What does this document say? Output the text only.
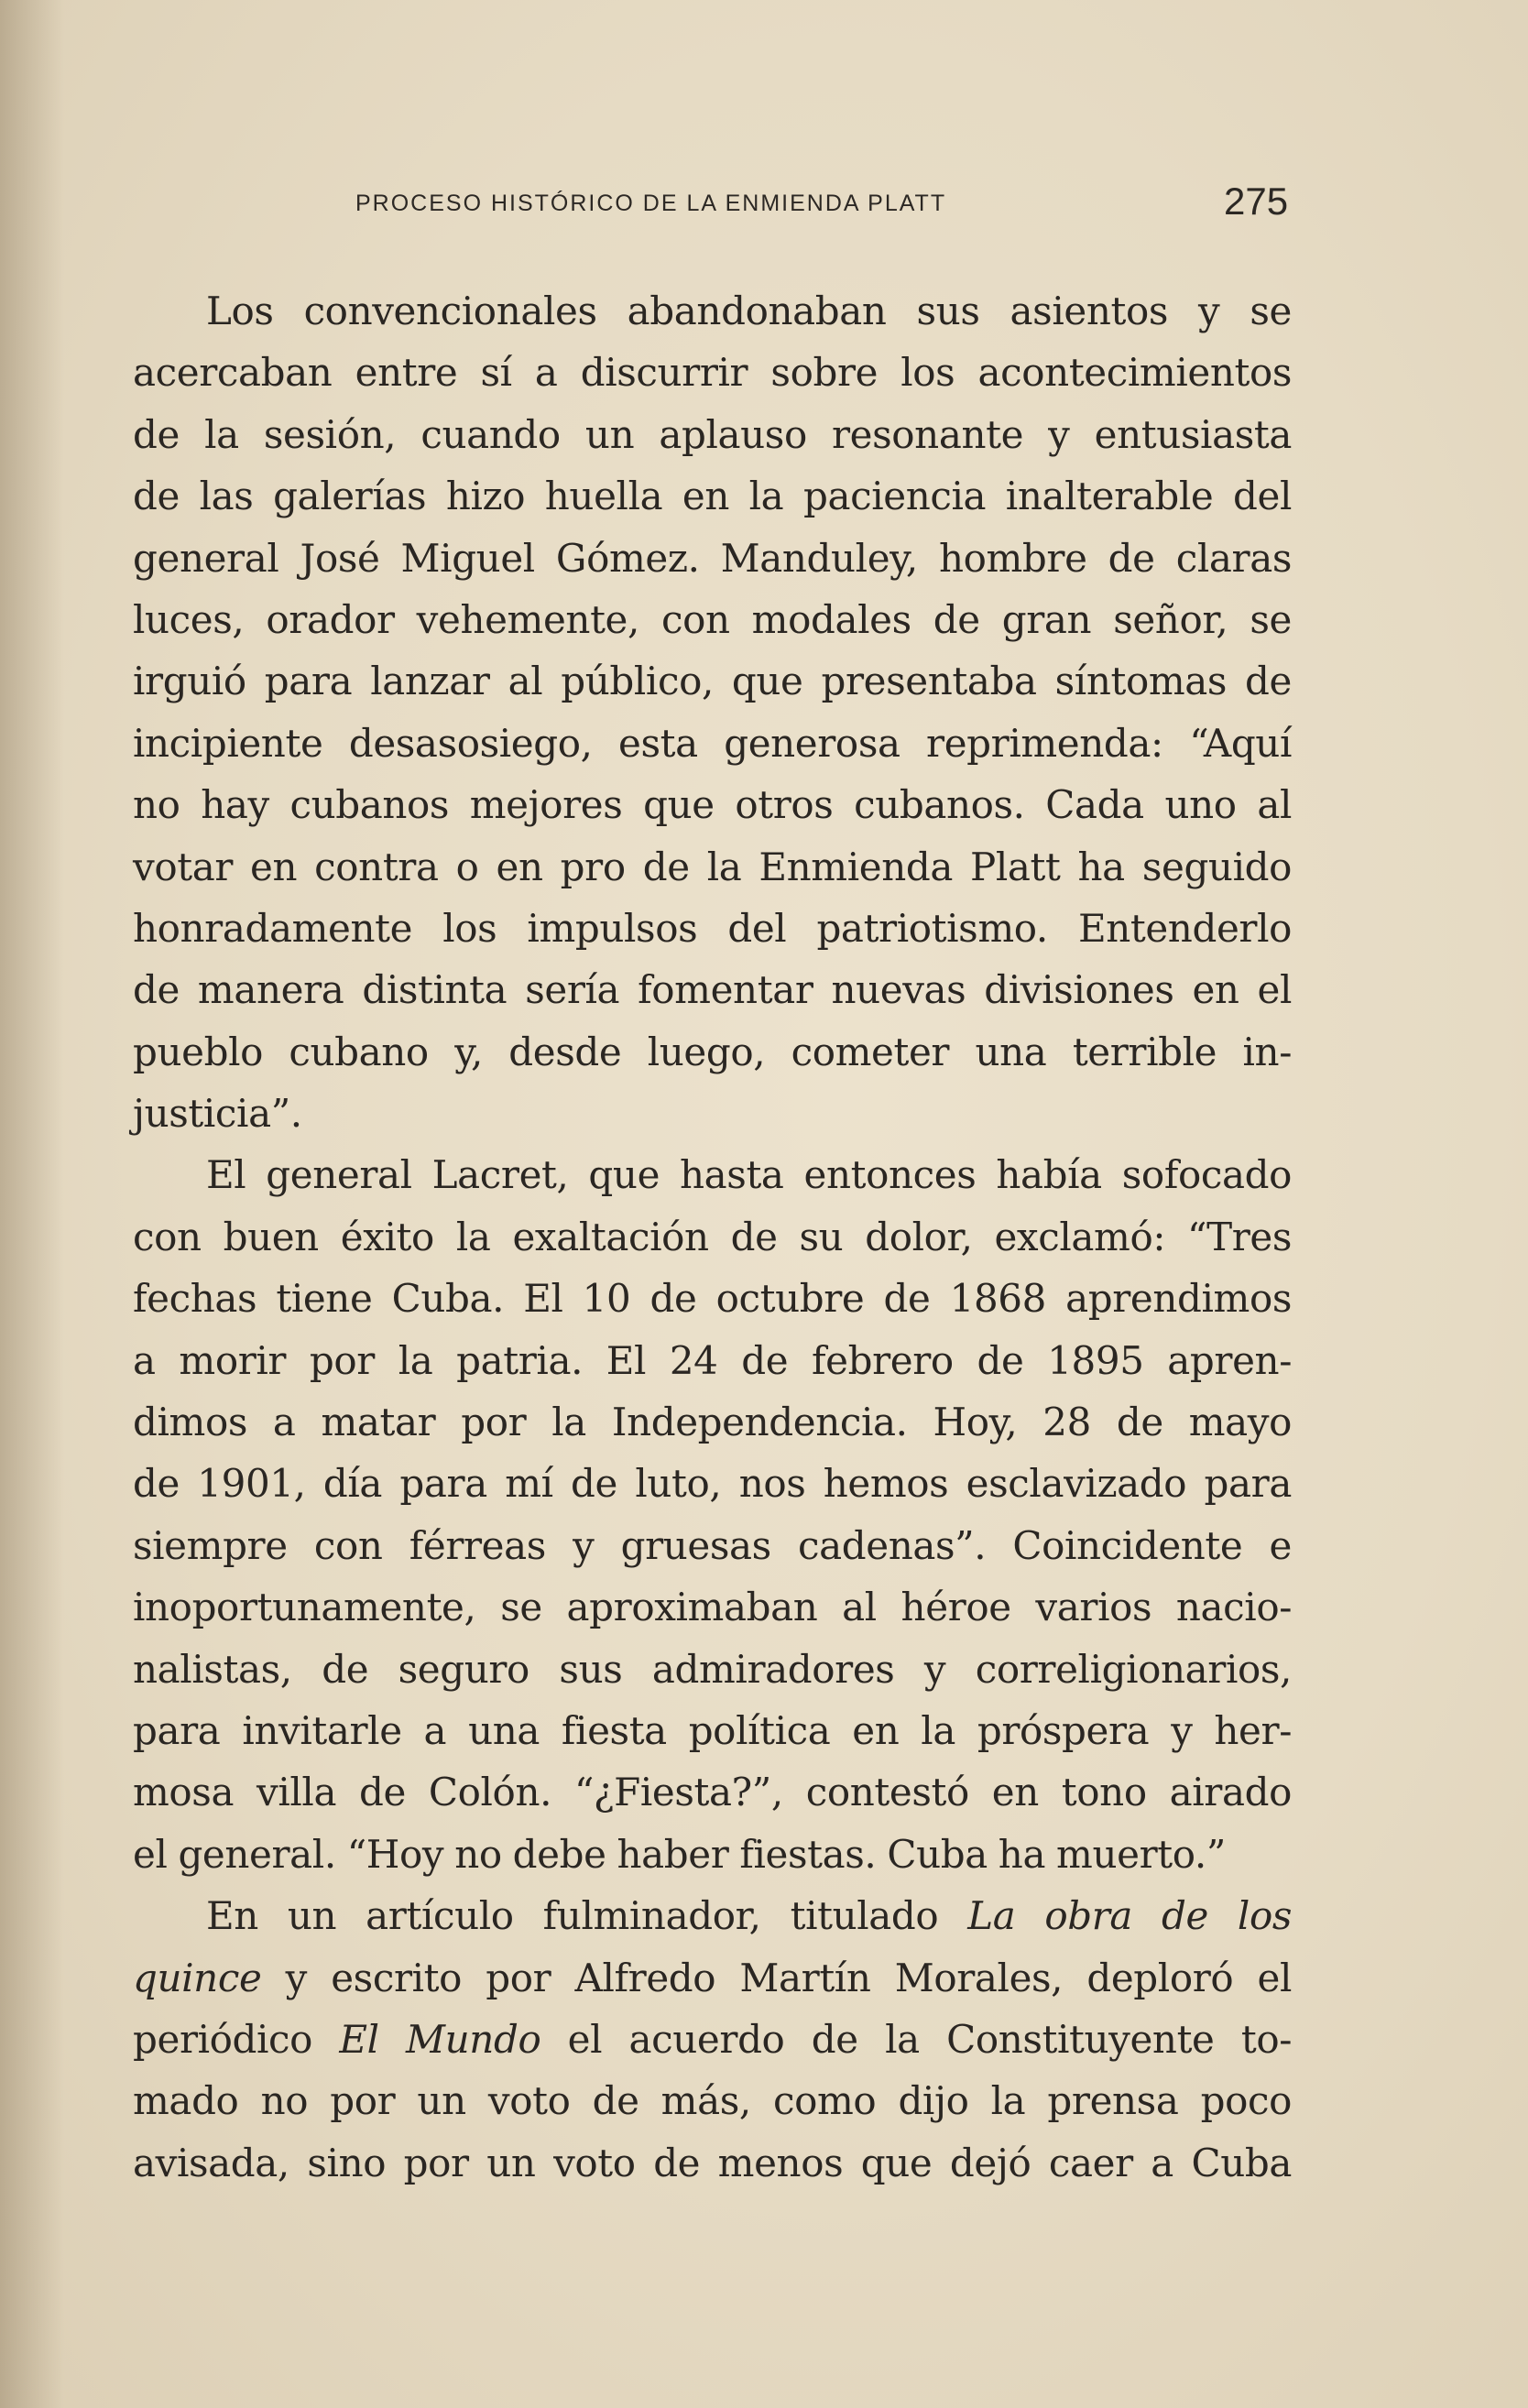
PROCESO HISTÓRICO DE LA ENMIENDA PLATT	275
Los convencionales abandonaban sus asientos y se
acercaban entre sí a discurrir sobre los acontecimientos
de la sesión, cuando un aplauso resonante y entusiasta
de las galerías hizo huella en la paciencia inalterable del
general José Miguel Gómez. Manduley, hombre de claras
luces, orador vehemente, con modales de gran señor, se
irguió para lanzar al público, que presentaba síntomas de
incipiente desasosiego, esta generosa reprimenda: “Aquí
no hay cubanos mejores que otros cubanos. Cada uno al
votar en contra o en pro de la Enmienda Platt ha seguido
honradamente los impulsos del patriotismo. Entenderlo
de manera distinta sería fomentar nuevas divisiones en el
pueblo cubano y, desde luego, cometer una terrible in-
justicia”.
El general Lacret, que hasta entonces había sofocado
con buen éxito la exaltación de su dolor, exclamó: “Tres
fechas tiene Cuba. El 10 de octubre de 1868 aprendimos
a morir por la patria. El 24 de febrero de 1895 apren-
dimos a matar por la Independencia. Hoy, 28 de mayo
de 1901, día para mí de luto, nos hemos esclavizado para
siempre con férreas y gruesas cadenas”. Coincidente e
inoportunamente, se aproximaban al héroe varios nacio-
nalistas, de seguro sus admiradores y correligionarios,
para invitarle a una fiesta política en la próspera y her-
mosa villa de Colón. “¿Fiesta?”, contestó en tono airado
el general. “Hoy no debe haber fiestas. Cuba ha muerto.”
En un artículo fulminador, titulado La obra de los
quince y escrito por Alfredo Martín Morales, deploró el
periódico El Mundo el acuerdo de la Constituyente to-
mado no por un voto de más, como dijo la prensa poco
avisada, sino por un voto de menos que dejó caer a Cuba
